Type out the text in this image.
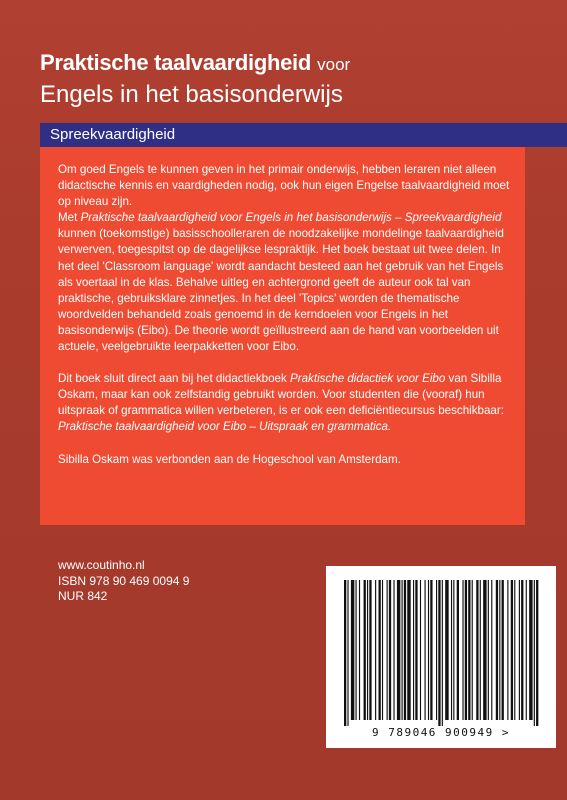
Praktische taalvaardigheid voor
Engels in het basisonderwijs
Spreekvaardigheid

Om goed Engels te kunnen geven in het primair onderwijs, hebben leraren niet alleen didactische kennis en vaardigheden nodig, ook hun eigen Engelse taalvaardigheid moet op niveau zijn.

Met Praktische taalvaardigheid voor Engels in het basisonderwijs – Spreekvaardigheid kunnen (toekomstige) basisschoolleraren de noodzakelijke mondelinge taalvaardigheid verwerven, toegespitst op de dagelijkse lespraktijk. Het boek bestaat uit twee delen. In het deel 'Classroom language' wordt aandacht besteed aan het gebruik van het Engels als voertaal in de klas. Behalve uitleg en achtergrond geeft de auteur ook tal van praktische, gebruiksklare zinnetjes. In het deel 'Topics' worden de thematische woordvelden behandeld zoals genoemd in de kerndoelen voor Engels in het basisonderwijs (Eibo). De theorie wordt geïllustreerd aan de hand van voorbeelden uit actuele, veelgebruikte leerpakketten voor Eibo.

Dit boek sluit direct aan bij het didactiekboek Praktische didactiek voor Eibo van Sibilla Oskam, maar kan ook zelfstandig gebruikt worden. Voor studenten die (vooraf) hun uitspraak of grammatica willen verbeteren, is er ook een deficiëntiecursus beschikbaar: Praktische taalvaardigheid voor Eibo – Uitspraak en grammatica.

Sibilla Oskam was verbonden aan de Hogeschool van Amsterdam.

www.coutinho.nl
ISBN 978 90 469 0094 9
NUR 842
9 789046 900949 >
